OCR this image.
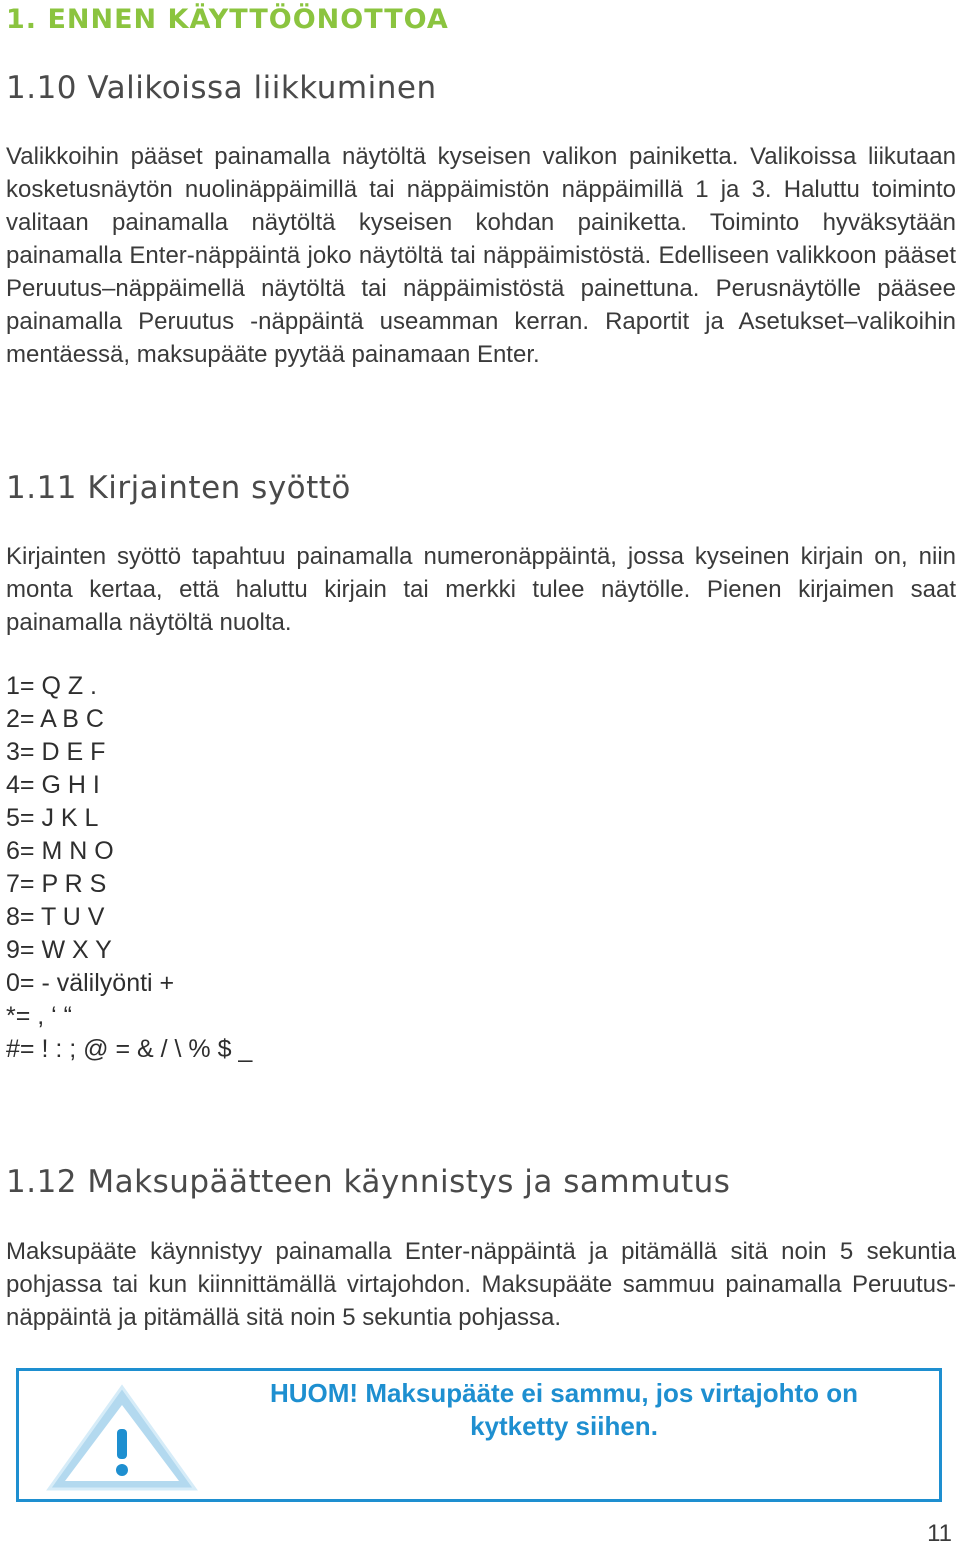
1. ENNEN KÄYTTÖÖNOTTOA
1.10 Valikoissa liikkuminen

Valikkoihin pääset painamalla näytöltä kyseisen valikon painiketta. Valikoissa liikutaan kosketusnäytön nuolinäppäimillä tai näppäimistön näppäimillä 1 ja 3. Haluttu toiminto valitaan painamalla näytöltä kyseisen kohdan painiketta. Toiminto hyväksytään painamalla Enter-näppäintä joko näytöltä tai näppäimistöstä. Edelliseen valikkoon pääset Peruutus–näppäimellä näytöltä tai näppäimistöstä painettuna. Perusnäytölle pääsee painamalla Peruutus -näppäintä useamman kerran. Raportit ja Asetukset–valikoihin mentäessä, maksupääte pyytää painamaan Enter.

1.11 Kirjainten syöttö

Kirjainten syöttö tapahtuu painamalla numeronäppäintä, jossa kyseinen kirjain on, niin monta kertaa, että haluttu kirjain tai merkki tulee näytölle. Pienen kirjaimen saat painamalla näytöltä nuolta.

1= Q Z .
2= A B C
3= D E F
4= G H I
5= J K L
6= M N O
7= P R S
8= T U V
9= W X Y
0= - välilyönti +
*= , ‘ “
#= ! : ; @ = & / \ % $ _
1.12 Maksupäätteen käynnistys ja sammutus

Maksupääte käynnistyy painamalla Enter-näppäintä ja pitämällä sitä noin 5 sekuntia pohjassa tai kun kiinnittämällä virtajohdon. Maksupääte sammuu painamalla Peruutus-näppäintä ja pitämällä sitä noin 5 sekuntia pohjassa.

HUOM! Maksupääte ei sammu, jos virtajohto on
kytketty siihen.
11
